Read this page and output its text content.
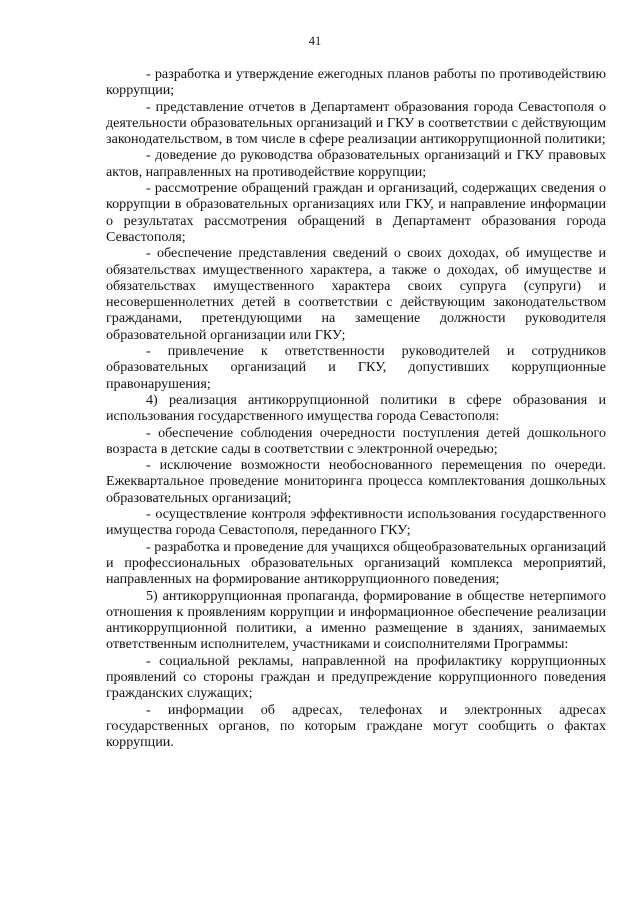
41

- разработка и утверждение ежегодных планов работы по противодействию коррупции;

- представление отчетов в Департамент образования города Севастополя о деятельности образовательных организаций и ГКУ в соответствии с действующим законодательством, в том числе в сфере реализации антикоррупционной политики;

- доведение до руководства образовательных организаций и ГКУ правовых актов, направленных на противодействие коррупции;

- рассмотрение обращений граждан и организаций, содержащих сведения о коррупции в образовательных организациях или ГКУ, и направление информации о результатах рассмотрения обращений в Департамент образования города Севастополя;

- обеспечение представления сведений о своих доходах, об имуществе и обязательствах имущественного характера, а также о доходах, об имуществе и обязательствах имущественного характера своих супруга (супруги) и несовершеннолетних детей в соответствии с действующим законодательством гражданами, претендующими на замещение должности руководителя образовательной организации или ГКУ;

- привлечение к ответственности руководителей и сотрудников образовательных организаций и ГКУ, допустивших коррупционные правонарушения;

4) реализация антикоррупционной политики в сфере образования и использования государственного имущества города Севастополя:

- обеспечение соблюдения очередности поступления детей дошкольного возраста в детские сады в соответствии с электронной очередью;

- исключение возможности необоснованного перемещения по очереди. Ежеквартальное проведение мониторинга процесса комплектования дошкольных образовательных организаций;

- осуществление контроля эффективности использования государственного имущества города Севастополя, переданного ГКУ;

- разработка и проведение для учащихся общеобразовательных организаций и профессиональных образовательных организаций комплекса мероприятий, направленных на формирование антикоррупционного поведения;

5) антикоррупционная пропаганда, формирование в обществе нетерпимого отношения к проявлениям коррупции и информационное обеспечение реализации антикоррупционной политики, а именно размещение в зданиях, занимаемых ответственным исполнителем, участниками и соисполнителями Программы:

- социальной рекламы, направленной на профилактику коррупционных проявлений со стороны граждан и предупреждение коррупционного поведения гражданских служащих;

- информации об адресах, телефонах и электронных адресах государственных органов, по которым граждане могут сообщить о фактах коррупции.
